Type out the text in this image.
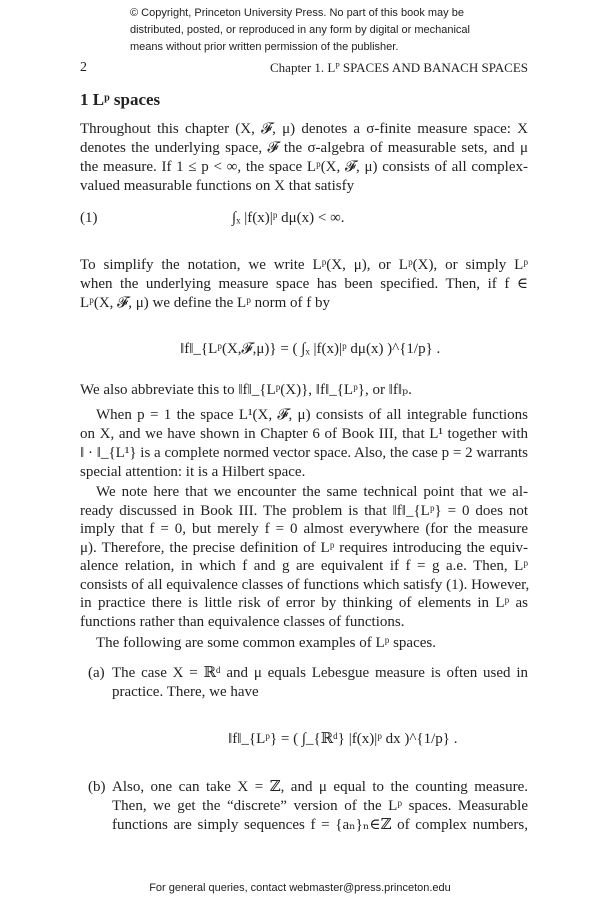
© Copyright, Princeton University Press. No part of this book may be
distributed, posted, or reproduced in any form by digital or mechanical
means without prior written permission of the publisher.
2	Chapter 1. Lᴾ SPACES AND BANACH SPACES
1 Lᵖ spaces
Throughout this chapter (X, 𝓕, μ) denotes a σ-finite measure space: X
denotes the underlying space, 𝓕 the σ-algebra of measurable sets, and μ
the measure. If 1 ≤ p < ∞, the space Lᵖ(X, 𝓕, μ) consists of all complex-
valued measurable functions on X that satisfy
(1)	∫ₓ |f(x)|ᵖ dμ(x) < ∞.
To simplify the notation, we write Lᵖ(X, μ), or Lᵖ(X), or simply Lᵖ
when the underlying measure space has been specified. Then, if f ∈
Lᵖ(X, 𝓕, μ) we define the Lᵖ norm of f by
‖f‖_{Lᵖ(X,𝓕,μ)} = ( ∫ₓ |f(x)|ᵖ dμ(x) )^{1/p} .
We also abbreviate this to ‖f‖_{Lᵖ(X)}, ‖f‖_{Lᵖ}, or ‖f‖ₚ.
When p = 1 the space L¹(X, 𝓕, μ) consists of all integrable functions
on X, and we have shown in Chapter 6 of Book III, that L¹ together with
‖ · ‖_{L¹} is a complete normed vector space. Also, the case p = 2 warrants
special attention: it is a Hilbert space.
We note here that we encounter the same technical point that we al-
ready discussed in Book III. The problem is that ‖f‖_{Lᵖ} = 0 does not
imply that f = 0, but merely f = 0 almost everywhere (for the measure
μ). Therefore, the precise definition of Lᵖ requires introducing the equiv-
alence relation, in which f and g are equivalent if f = g a.e. Then, Lᵖ
consists of all equivalence classes of functions which satisfy (1). However,
in practice there is little risk of error by thinking of elements in Lᵖ as
functions rather than equivalence classes of functions.
The following are some common examples of Lᵖ spaces.
(a) The case X = ℝᵈ and μ equals Lebesgue measure is often used in
practice. There, we have
‖f‖_{Lᵖ} = ( ∫_{ℝᵈ} |f(x)|ᵖ dx )^{1/p} .
(b) Also, one can take X = ℤ, and μ equal to the counting measure.
Then, we get the “discrete” version of the Lᵖ spaces. Measurable
functions are simply sequences f = {aₙ}ₙ∈ℤ of complex numbers,
For general queries, contact webmaster@press.princeton.edu
